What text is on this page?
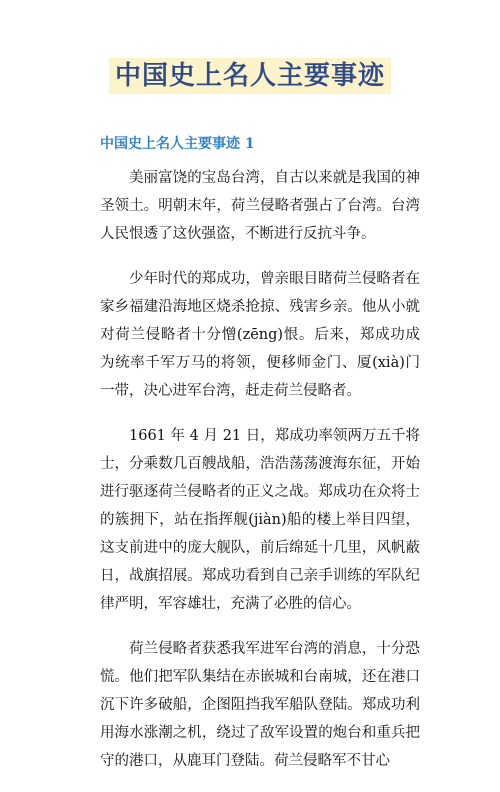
中国史上名人主要事迹
中国史上名人主要事迹 1

美丽富饶的宝岛台湾，自古以来就是我国的神圣领土。明朝末年，荷兰侵略者强占了台湾。台湾人民恨透了这伙强盗，不断进行反抗斗争。

少年时代的郑成功，曾亲眼目睹荷兰侵略者在家乡福建沿海地区烧杀抢掠、残害乡亲。他从小就对荷兰侵略者十分憎(zēng)恨。后来，郑成功成为统率千军万马的将领，便移师金门、厦(xià)门一带，决心进军台湾，赶走荷兰侵略者。

1661 年 4 月 21 日，郑成功率领两万五千将士，分乘数几百艘战船，浩浩荡荡渡海东征，开始进行驱逐荷兰侵略者的正义之战。郑成功在众将士的簇拥下，站在指挥舰(jiàn)船的楼上举目四望，这支前进中的庞大舰队，前后绵延十几里，风帆蔽日，战旗招展。郑成功看到自己亲手训练的军队纪律严明，军容雄壮，充满了必胜的信心。

荷兰侵略者获悉我军进军台湾的消息，十分恐慌。他们把军队集结在赤嵌城和台南城，还在港口沉下许多破船，企图阻挡我军船队登陆。郑成功利用海水涨潮之机，绕过了敌军设置的炮台和重兵把守的港口，从鹿耳门登陆。荷兰侵略军不甘心
